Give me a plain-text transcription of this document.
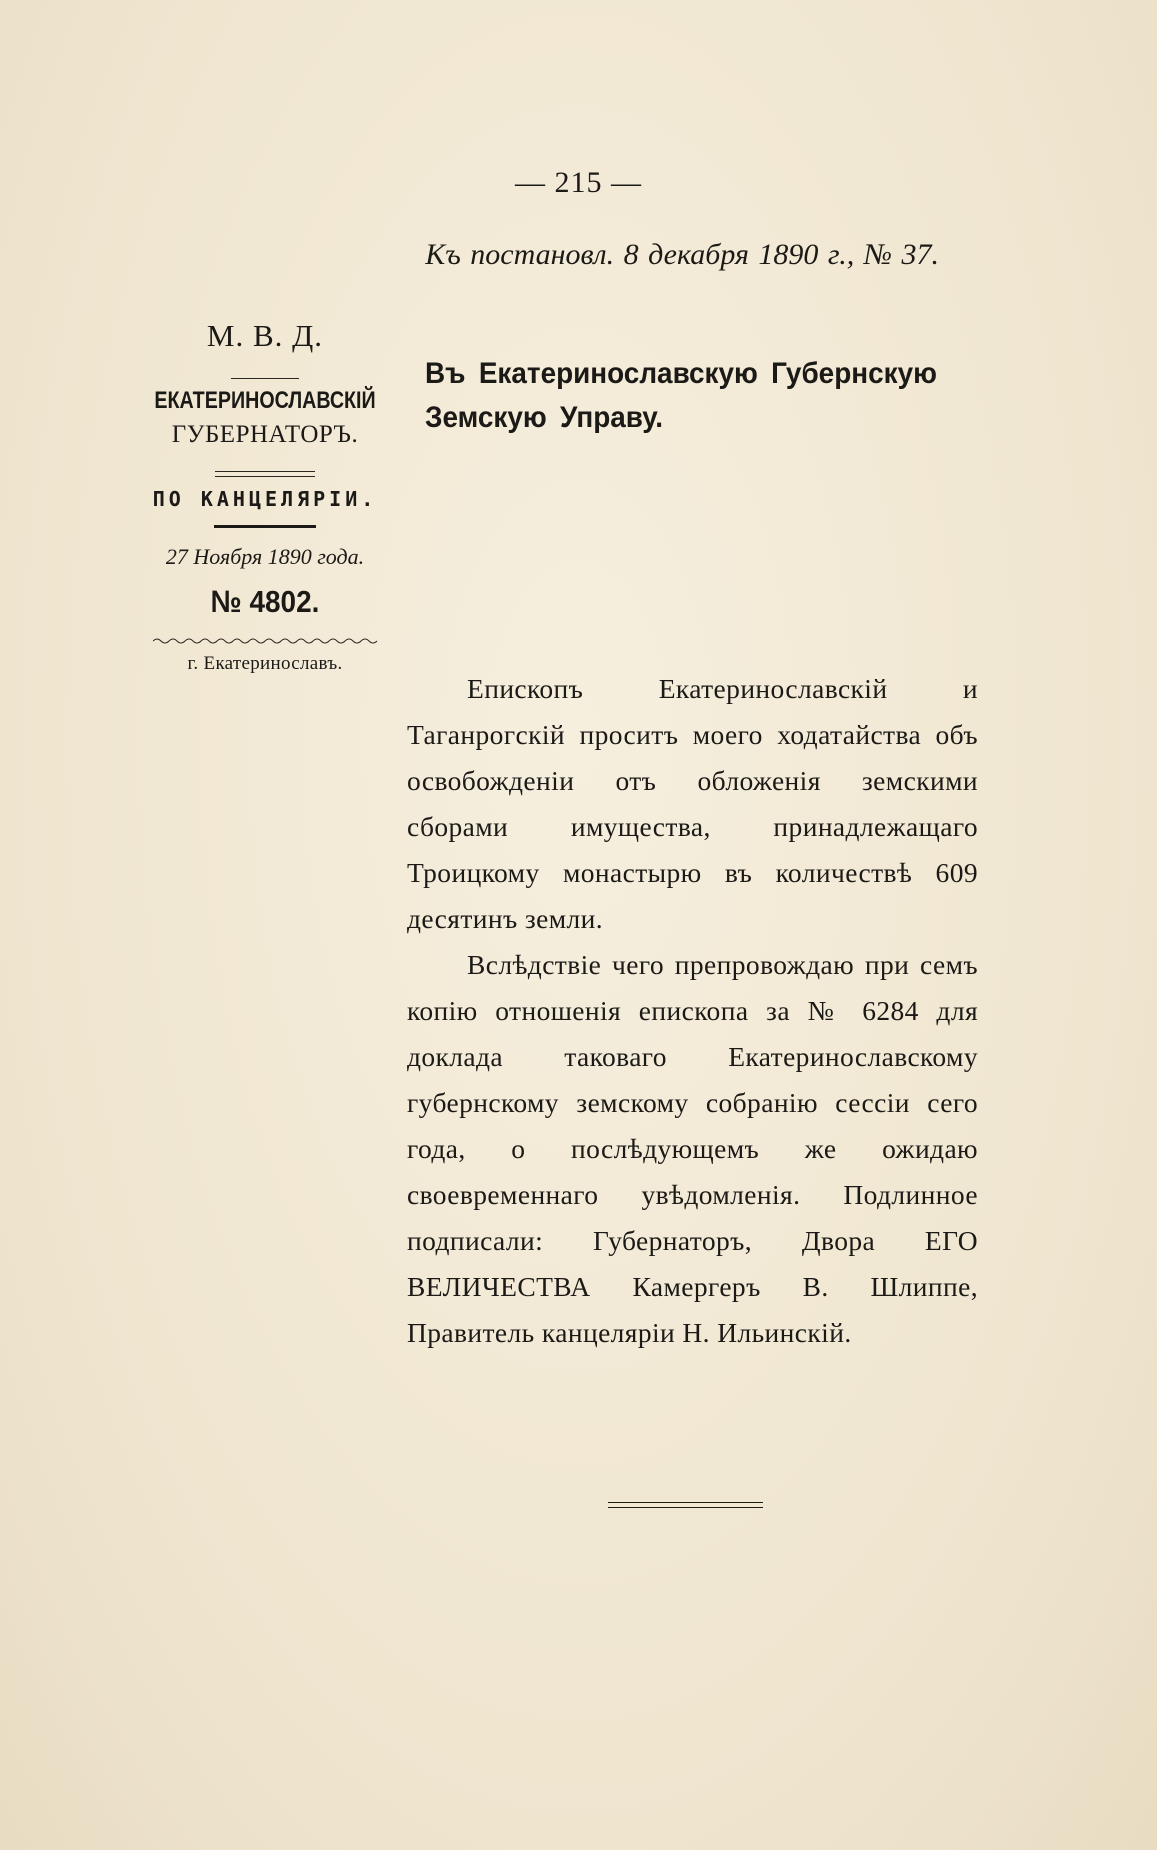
— 215 —
Къ постановл. 8 декабря 1890 г., № 37.
М. В. Д.
ЕКАТЕРИНОСЛАВСКІЙ
ГУБЕРНАТОРЪ.
ПО КАНЦЕЛЯРІИ.
27 Ноября 1890 года.
№ 4802.
г. Екатеринославъ.
Въ Екатеринославскую Губернскую Земскую Управу.

Епископъ Екатеринославскій и Таганрогскій проситъ моего ходатайства объ освобожденіи отъ обложенія земскими сборами имущества, принадлежащаго Троицкому монастырю въ количествѣ 609 десятинъ земли.

Вслѣдствіе чего препровождаю при семъ копію отношенія епископа за № 6284 для доклада таковаго Екатеринославскому губернскому земскому собранію сессіи сего года, о послѣдующемъ же ожидаю своевременнаго увѣдомленія. Подлинное подписали: Губернаторъ, Двора ЕГО ВЕЛИЧЕСТВА Камергеръ В. Шлиппе, Правитель канцеляріи Н. Ильинскій.
